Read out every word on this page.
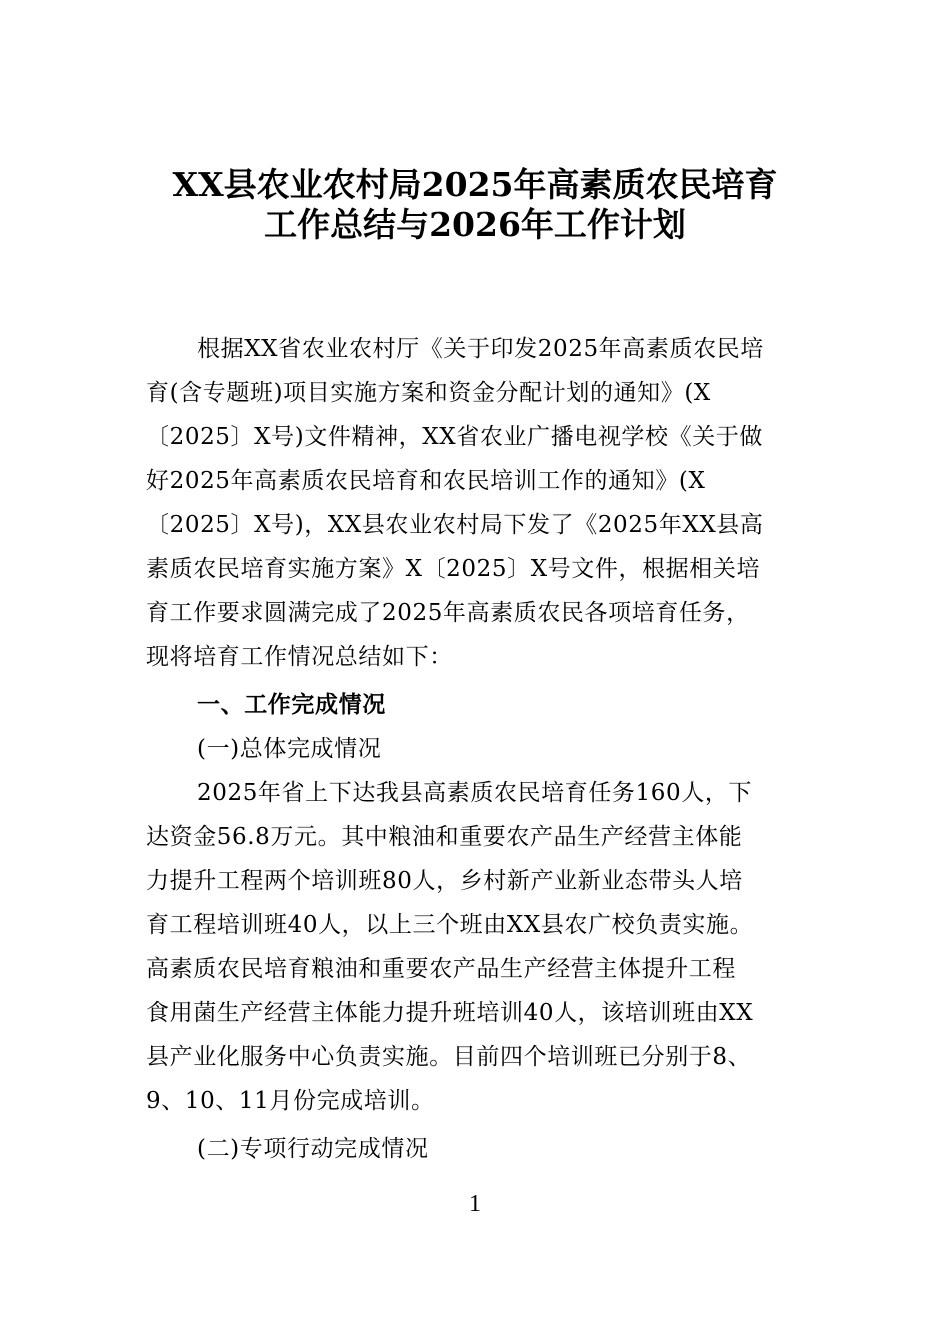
XX县农业农村局2025年高素质农民培育
工作总结与2026年工作计划
根据XX省农业农村厅《关于印发2025年高素质农民培
育(含专题班)项目实施方案和资金分配计划的通知》(X
〔2025〕X号)文件精神，XX省农业广播电视学校《关于做
好2025年高素质农民培育和农民培训工作的通知》(X
〔2025〕X号)，XX县农业农村局下发了《2025年XX县高
素质农民培育实施方案》X〔2025〕X号文件，根据相关培
育工作要求圆满完成了2025年高素质农民各项培育任务，
现将培育工作情况总结如下：
一、工作完成情况
(一)总体完成情况
2025年省上下达我县高素质农民培育任务160人，下
达资金56.8万元。其中粮油和重要农产品生产经营主体能
力提升工程两个培训班80人，乡村新产业新业态带头人培
育工程培训班40人，以上三个班由XX县农广校负责实施。
高素质农民培育粮油和重要农产品生产经营主体提升工程
食用菌生产经营主体能力提升班培训40人，该培训班由XX
县产业化服务中心负责实施。目前四个培训班已分别于8、
9、10、11月份完成培训。
(二)专项行动完成情况
1
